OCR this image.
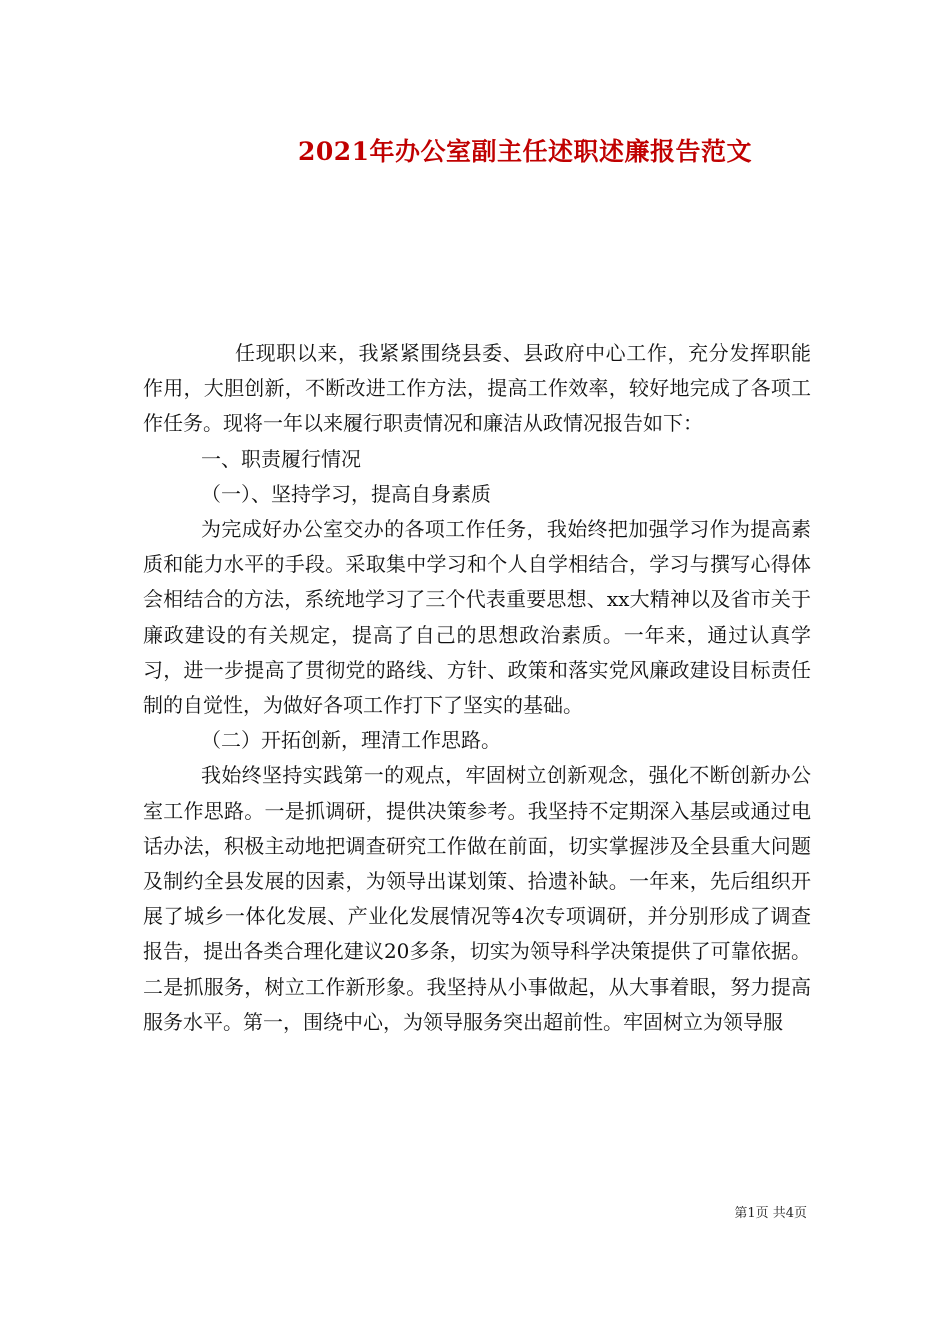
2021年办公室副主任述职述廉报告范文

任现职以来，我紧紧围绕县委、县政府中心工作，充分发挥职能作用，大胆创新，不断改进工作方法，提高工作效率，较好地完成了各项工作任务。现将一年以来履行职责情况和廉洁从政情况报告如下：

一、职责履行情况

（一）、坚持学习，提高自身素质

为完成好办公室交办的各项工作任务，我始终把加强学习作为提高素质和能力水平的手段。采取集中学习和个人自学相结合，学习与撰写心得体会相结合的方法，系统地学习了三个代表重要思想、xx大精神以及省市关于廉政建设的有关规定，提高了自己的思想政治素质。一年来，通过认真学习，进一步提高了贯彻党的路线、方针、政策和落实党风廉政建设目标责任制的自觉性，为做好各项工作打下了坚实的基础。

（二）开拓创新，理清工作思路。

我始终坚持实践第一的观点，牢固树立创新观念，强化不断创新办公室工作思路。一是抓调研，提供决策参考。我坚持不定期深入基层或通过电话办法，积极主动地把调查研究工作做在前面，切实掌握涉及全县重大问题及制约全县发展的因素，为领导出谋划策、拾遗补缺。一年来，先后组织开展了城乡一体化发展、产业化发展情况等4次专项调研，并分别形成了调查报告，提出各类合理化建议20多条，切实为领导科学决策提供了可靠依据。二是抓服务，树立工作新形象。我坚持从小事做起，从大事着眼，努力提高服务水平。第一，围绕中心，为领导服务突出超前性。牢固树立为领导服

第1页 共4页
